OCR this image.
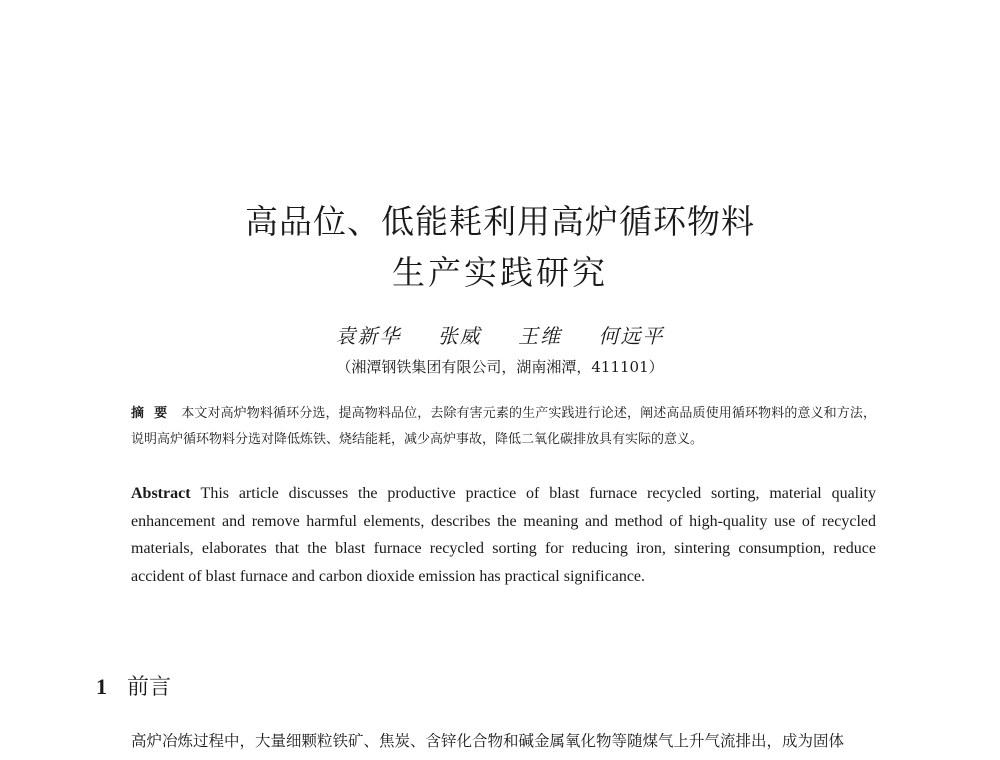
高品位、低能耗利用高炉循环物料
生产实践研究
袁新华 张威 王维 何远平
（湘潭钢铁集团有限公司，湖南湘潭，411101）
摘要 本文对高炉物料循环分选，提高物料品位，去除有害元素的生产实践进行论述，阐述高品质使用循环物料的意义和方法，说明高炉循环物料分选对降低炼铁、烧结能耗，减少高炉事故，降低二氧化碳排放具有实际的意义。
Abstract This article discusses the productive practice of blast furnace recycled sorting, material quality enhancement and remove harmful elements, describes the meaning and method of high-quality use of recycled materials, elaborates that the blast furnace recycled sorting for reducing iron, sintering consumption, reduce accident of blast furnace and carbon dioxide emission has practical significance.
1 前言
高炉冶炼过程中，大量细颗粒铁矿、焦炭、含锌化合物和碱金属氧化物等随煤气上升气流排出，成为固体
